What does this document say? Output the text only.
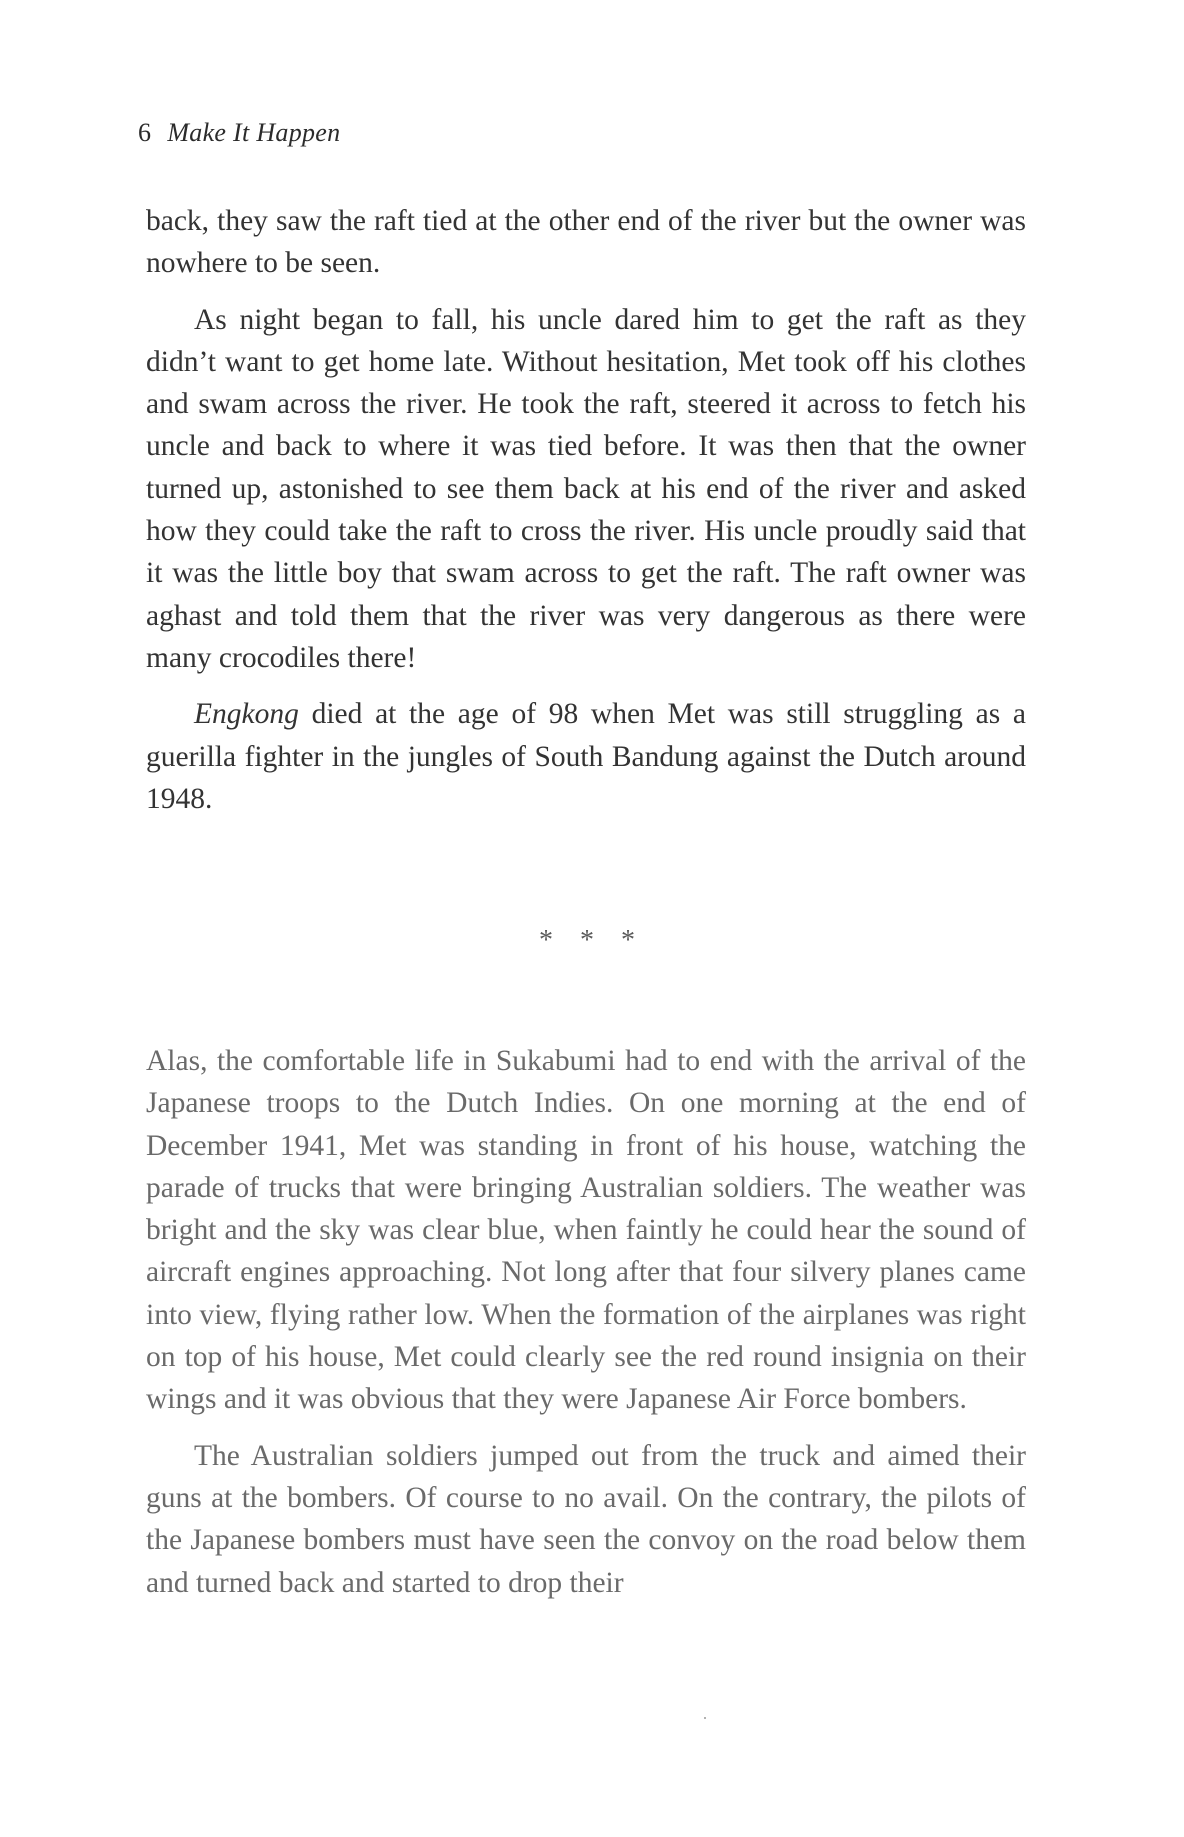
6 Make It Happen

back, they saw the raft tied at the other end of the river but the owner was nowhere to be seen.

As night began to fall, his uncle dared him to get the raft as they didn’t want to get home late. Without hesitation, Met took off his clothes and swam across the river. He took the raft, steered it across to fetch his uncle and back to where it was tied before. It was then that the owner turned up, astonished to see them back at his end of the river and asked how they could take the raft to cross the river. His uncle proudly said that it was the little boy that swam across to get the raft. The raft owner was aghast and told them that the river was very dangerous as there were many crocodiles there!

Engkong died at the age of 98 when Met was still struggling as a guerilla fighter in the jungles of South Bandung against the Dutch around 1948.

* * *

Alas, the comfortable life in Sukabumi had to end with the arrival of the Japanese troops to the Dutch Indies. On one morning at the end of December 1941, Met was standing in front of his house, watching the parade of trucks that were bringing Australian soldiers. The weather was bright and the sky was clear blue, when faintly he could hear the sound of aircraft engines approaching. Not long after that four silvery planes came into view, flying rather low. When the formation of the airplanes was right on top of his house, Met could clearly see the red round insignia on their wings and it was obvious that they were Japanese Air Force bombers.

The Australian soldiers jumped out from the truck and aimed their guns at the bombers. Of course to no avail. On the contrary, the pilots of the Japanese bombers must have seen the convoy on the road below them and turned back and started to drop their
